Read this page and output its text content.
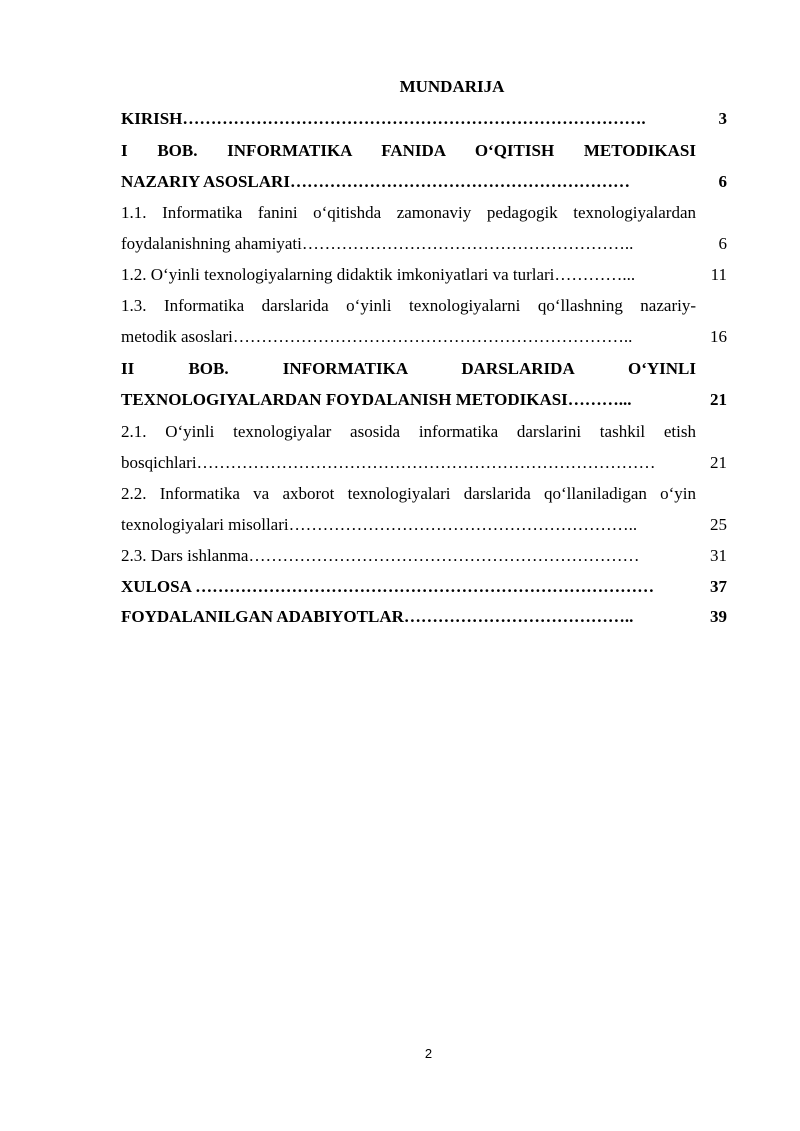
MUNDARIJA
KIRISH……………………………………………………………………….	3
I BOB. INFORMATIKA FANIDA O‘QITISH METODIKASI
NAZARIY ASOSLARI……………………………………………………	6
1.1. Informatika fanini o‘qitishda zamonaviy pedagogik texnologiyalardan
foydalanishning ahamiyati…………………………………………………..	6
1.2. O‘yinli texnologiyalarning didaktik imkoniyatlari va turlari…………...	11
1.3. Informatika darslarida o‘yinli texnologiyalarni qo‘llashning nazariy-
metodik asoslari……………………………………………………………..	16
II BOB. INFORMATIKA DARSLARIDA O‘YINLI
TEXNOLOGIYALARDAN FOYDALANISH METODIKASI………...	21
2.1. O‘yinli texnologiyalar asosida informatika darslarini tashkil etish
bosqichlari………………………………………………………………………	21
2.2. Informatika va axborot texnologiyalari darslarida qo‘llaniladigan o‘yin
texnologiyalari misollari……………………………………………………..	25
2.3. Dars ishlanma……………………………………………………………	31
XULOSA ………………………………………………………………………	37
FOYDALANILGAN ADABIYOTLAR…………………………………..	39
2
